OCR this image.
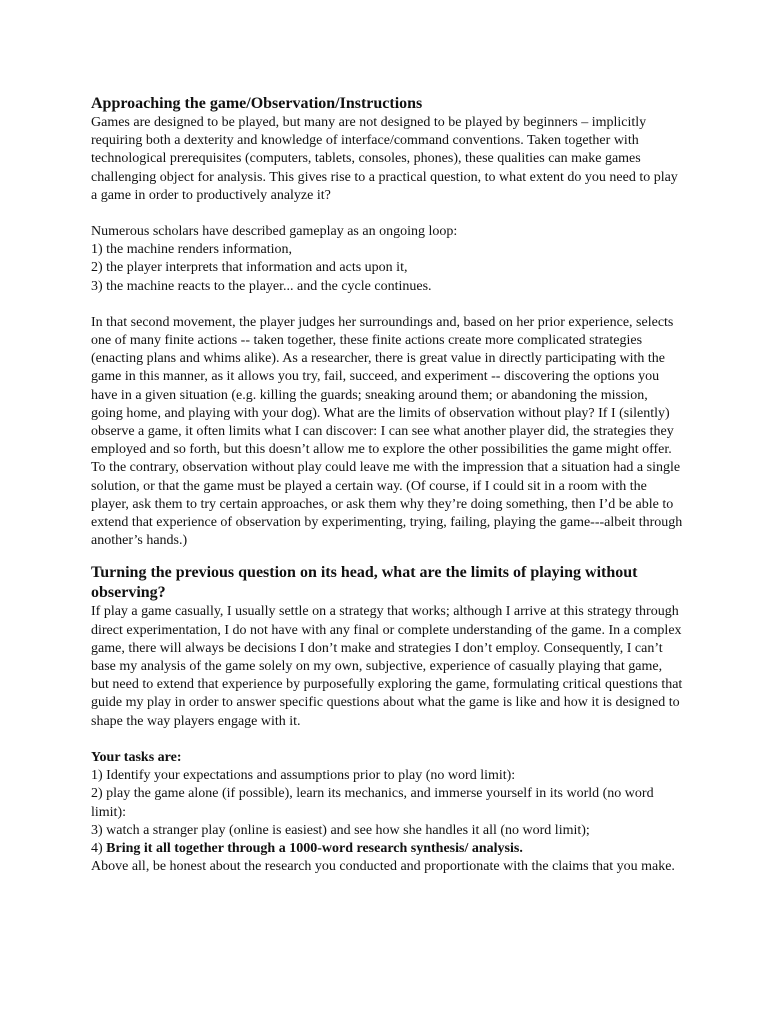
Approaching the game/Observation/Instructions

Games are designed to be played, but many are not designed to be played by beginners – implicitly requiring both a dexterity and knowledge of interface/command conventions. Taken together with technological prerequisites (computers, tablets, consoles, phones), these qualities can make games challenging object for analysis. This gives rise to a practical question, to what extent do you need to play a game in order to productively analyze it?

Numerous scholars have described gameplay as an ongoing loop:

1) the machine renders information,
2) the player interprets that information and acts upon it,
3) the machine reacts to the player... and the cycle continues.

In that second movement, the player judges her surroundings and, based on her prior experience, selects one of many finite actions -- taken together, these finite actions create more complicated strategies (enacting plans and whims alike). As a researcher, there is great value in directly participating with the game in this manner, as it allows you try, fail, succeed, and experiment -- discovering the options you have in a given situation (e.g. killing the guards; sneaking around them; or abandoning the mission, going home, and playing with your dog). What are the limits of observation without play? If I (silently) observe a game, it often limits what I can discover: I can see what another player did, the strategies they employed and so forth, but this doesn’t allow me to explore the other possibilities the game might offer. To the contrary, observation without play could leave me with the impression that a situation had a single solution, or that the game must be played a certain way. (Of course, if I could sit in a room with the player, ask them to try certain approaches, or ask them why they’re doing something, then I’d be able to extend that experience of observation by experimenting, trying, failing, playing the game---albeit through another’s hands.)

Turning the previous question on its head, what are the limits of playing without observing?

If play a game casually, I usually settle on a strategy that works; although I arrive at this strategy through direct experimentation, I do not have with any final or complete understanding of the game. In a complex game, there will always be decisions I don’t make and strategies I don’t employ. Consequently, I can’t base my analysis of the game solely on my own, subjective, experience of casually playing that game, but need to extend that experience by purposefully exploring the game, formulating critical questions that guide my play in order to answer specific questions about what the game is like and how it is designed to shape the way players engage with it.

Your tasks are:
1) Identify your expectations and assumptions prior to play (no word limit):
2) play the game alone (if possible), learn its mechanics, and immerse yourself in its world (no word limit):
3) watch a stranger play (online is easiest) and see how she handles it all (no word limit);
4) Bring it all together through a 1000-word research synthesis/ analysis.

Above all, be honest about the research you conducted and proportionate with the claims that you make.
